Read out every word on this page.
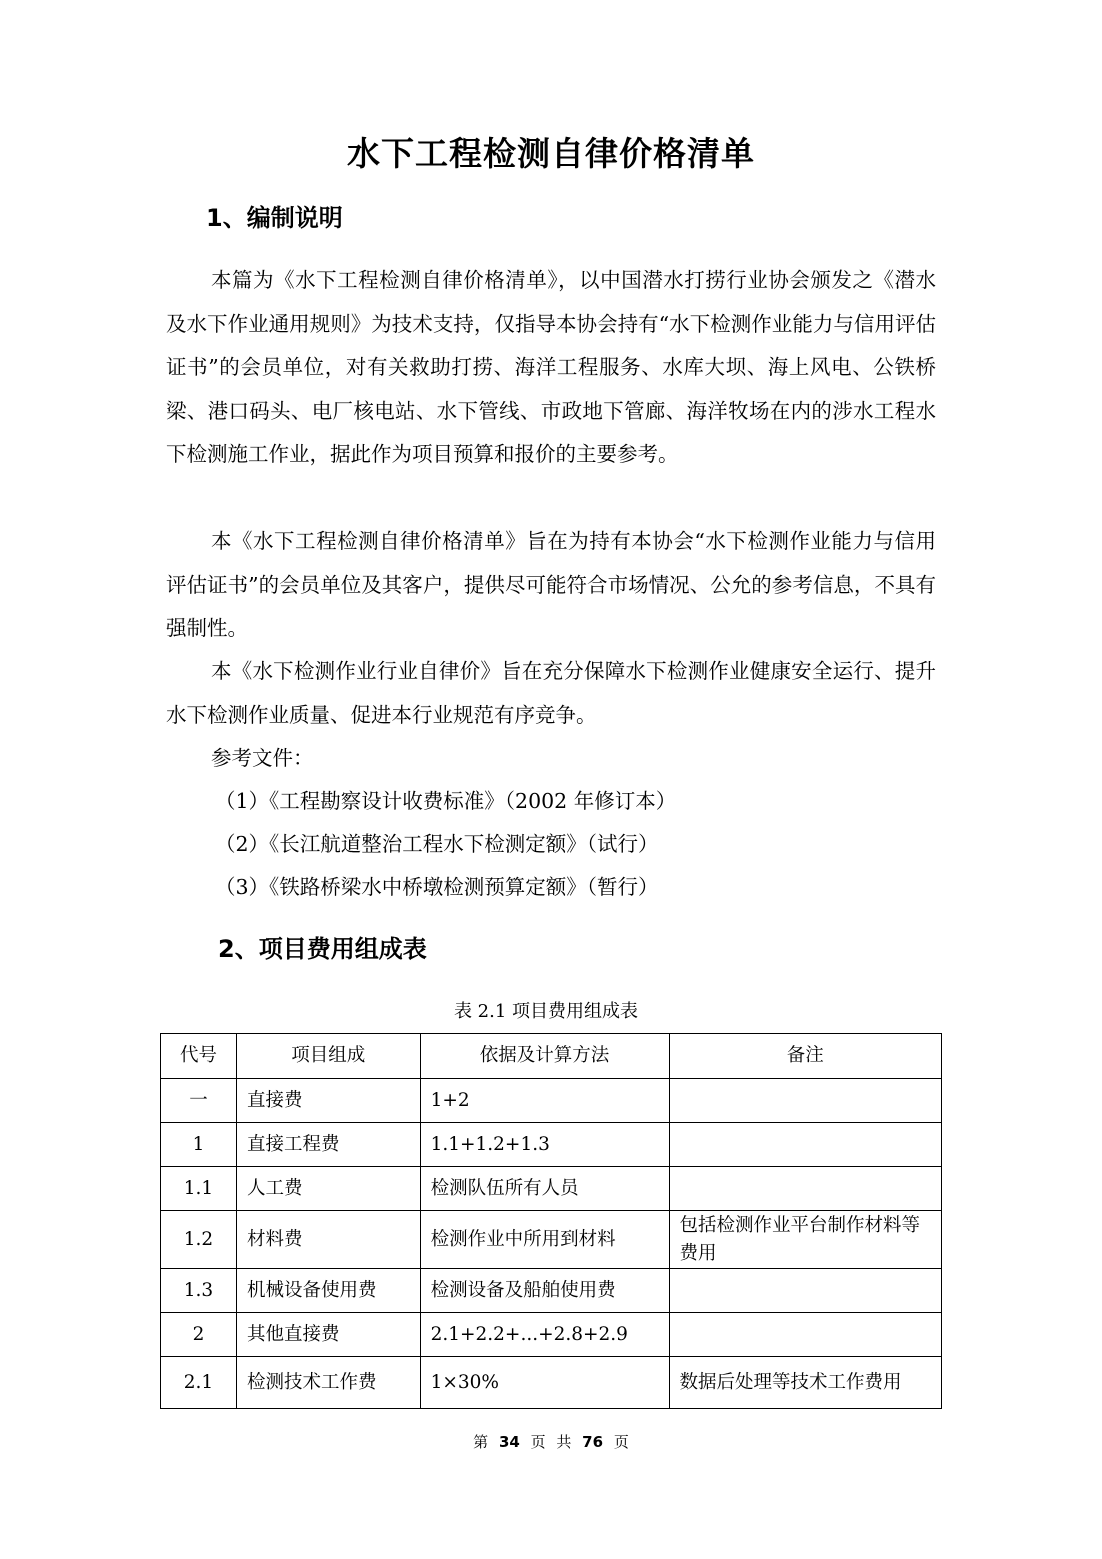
水下工程检测自律价格清单
1、编制说明

本篇为《水下工程检测自律价格清单》，以中国潜水打捞行业协会颁发之《潜水及水下作业通用规则》为技术支持，仅指导本协会持有“水下检测作业能力与信用评估证书”的会员单位，对有关救助打捞、海洋工程服务、水库大坝、海上风电、公铁桥梁、港口码头、电厂核电站、水下管线、市政地下管廊、海洋牧场在内的涉水工程水下检测施工作业，据此作为项目预算和报价的主要参考。

本《水下工程检测自律价格清单》旨在为持有本协会“水下检测作业能力与信用评估证书”的会员单位及其客户，提供尽可能符合市场情况、公允的参考信息，不具有强制性。

本《水下检测作业行业自律价》旨在充分保障水下检测作业健康安全运行、提升水下检测作业质量、促进本行业规范有序竞争。

参考文件：

（1）《工程勘察设计收费标准》（2002 年修订本）
（2）《长江航道整治工程水下检测定额》（试行）
（3）《铁路桥梁水中桥墩检测预算定额》（暂行）
2、项目费用组成表
表 2.1 项目费用组成表
代号	项目组成	依据及计算方法	备注
一	直接费	1+2	
1	直接工程费	1.1+1.2+1.3	
1.1	人工费	检测队伍所有人员	
1.2	材料费	检测作业中所用到材料	包括检测作业平台制作材料等费用
1.3	机械设备使用费	检测设备及船舶使用费	
2	其他直接费	2.1+2.2+...+2.8+2.9	
2.1	检测技术工作费	1×30%	数据后处理等技术工作费用
第 34 页 共 76 页
